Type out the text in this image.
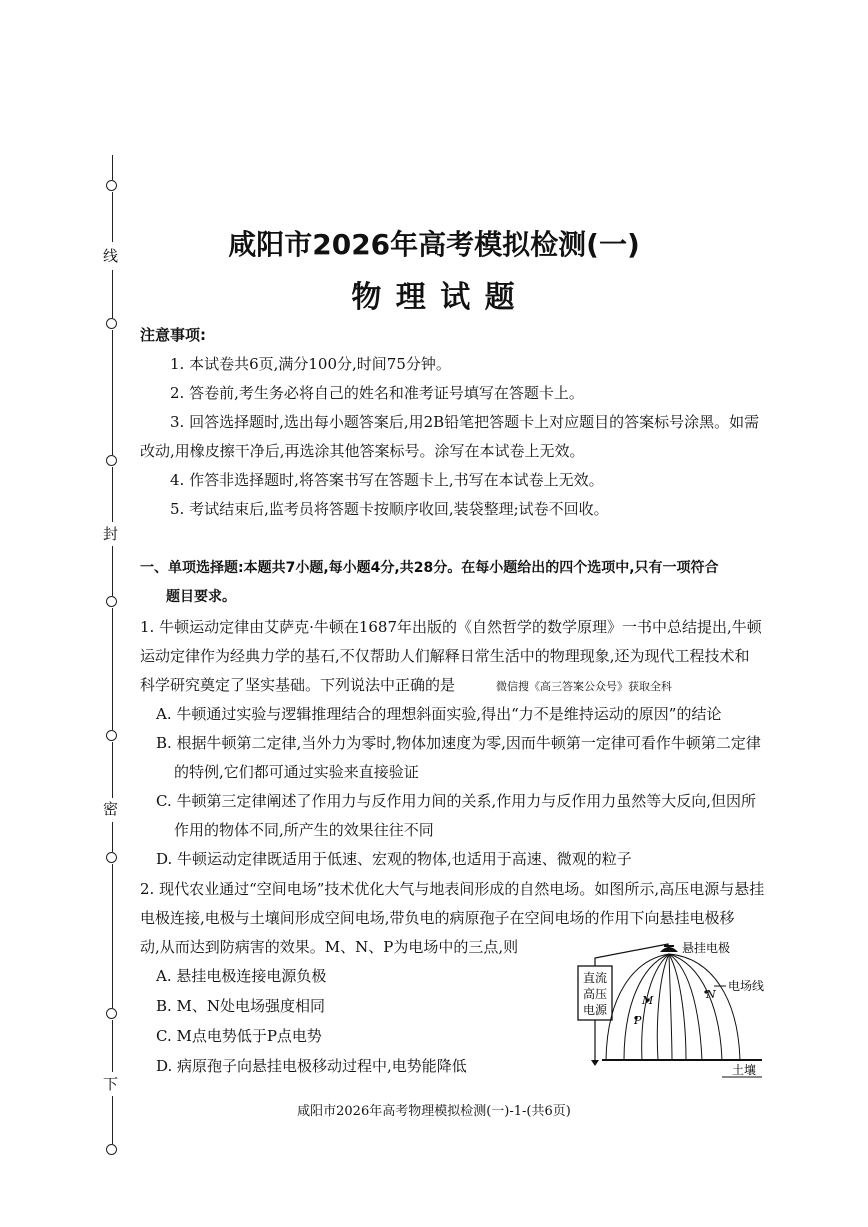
线
封
密
下
咸阳市2026年高考模拟检测(一)
物 理 试 题
注意事项:
1. 本试卷共6页,满分100分,时间75分钟。
2. 答卷前,考生务必将自己的姓名和准考证号填写在答题卡上。
3. 回答选择题时,选出每小题答案后,用2B铅笔把答题卡上对应题目的答案标号涂黑。如需
改动,用橡皮擦干净后,再选涂其他答案标号。涂写在本试卷上无效。
4. 作答非选择题时,将答案书写在答题卡上,书写在本试卷上无效。
5. 考试结束后,监考员将答题卡按顺序收回,装袋整理;试卷不回收。
一、单项选择题:本题共7小题,每小题4分,共28分。在每小题给出的四个选项中,只有一项符合
题目要求。
1. 牛顿运动定律由艾萨克·牛顿在1687年出版的《自然哲学的数学原理》一书中总结提出,牛顿
运动定律作为经典力学的基石,不仅帮助人们解释日常生活中的物理现象,还为现代工程技术和
科学研究奠定了坚实基础。下列说法中正确的是	微信搜《高三答案公众号》获取全科
A. 牛顿通过实验与逻辑推理结合的理想斜面实验,得出“力不是维持运动的原因”的结论
B. 根据牛顿第二定律,当外力为零时,物体加速度为零,因而牛顿第一定律可看作牛顿第二定律
的特例,它们都可通过实验来直接验证
C. 牛顿第三定律阐述了作用力与反作用力间的关系,作用力与反作用力虽然等大反向,但因所
作用的物体不同,所产生的效果往往不同
D. 牛顿运动定律既适用于低速、宏观的物体,也适用于高速、微观的粒子
2. 现代农业通过“空间电场”技术优化大气与地表间形成的自然电场。如图所示,高压电源与悬挂
电极连接,电极与土壤间形成空间电场,带负电的病原孢子在空间电场的作用下向悬挂电极移
动,从而达到防病害的效果。M、N、P为电场中的三点,则
A. 悬挂电极连接电源负极
B. M、N处电场强度相同
C. M点电势低于P点电势
D. 病原孢子向悬挂电极移动过程中,电势能降低
直流
高压
电源
悬挂电极
电场线
M	N
P
土壤
咸阳市2026年高考物理模拟检测(一)-1-(共6页)
